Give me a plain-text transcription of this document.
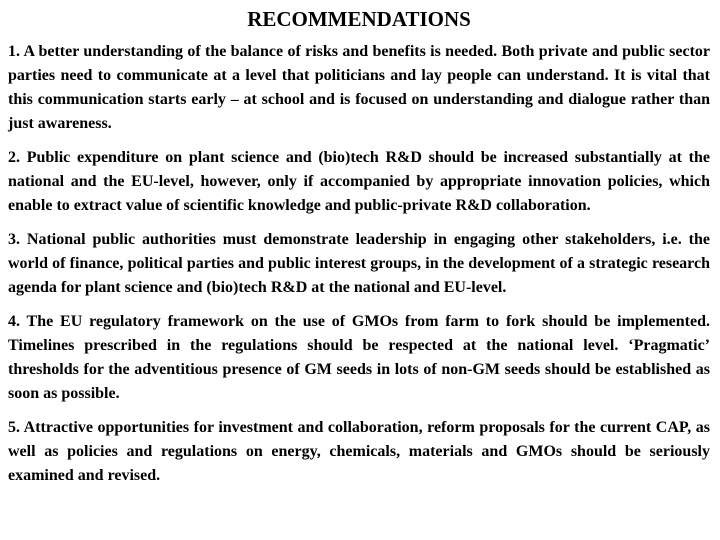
RECOMMENDATIONS

1. A better understanding of the balance of risks and benefits is needed. Both private and public sector parties need to communicate at a level that politicians and lay people can understand. It is vital that this communication starts early – at school and is focused on understanding and dialogue rather than just awareness.

2. Public expenditure on plant science and (bio)tech R&D should be increased substantially at the national and the EU-level, however, only if accompanied by appropriate innovation policies, which enable to extract value of scientific knowledge and public-private R&D collaboration.

3. National public authorities must demonstrate leadership in engaging other stakeholders, i.e. the world of finance, political parties and public interest groups, in the development of a strategic research agenda for plant science and (bio)tech R&D at the national and EU-level.

4. The EU regulatory framework on the use of GMOs from farm to fork should be implemented. Timelines prescribed in the regulations should be respected at the national level. ‘Pragmatic’ thresholds for the adventitious presence of GM seeds in lots of non-GM seeds should be established as soon as possible.

5. Attractive opportunities for investment and collaboration, reform proposals for the current CAP, as well as policies and regulations on energy, chemicals, materials and GMOs should be seriously examined and revised.
